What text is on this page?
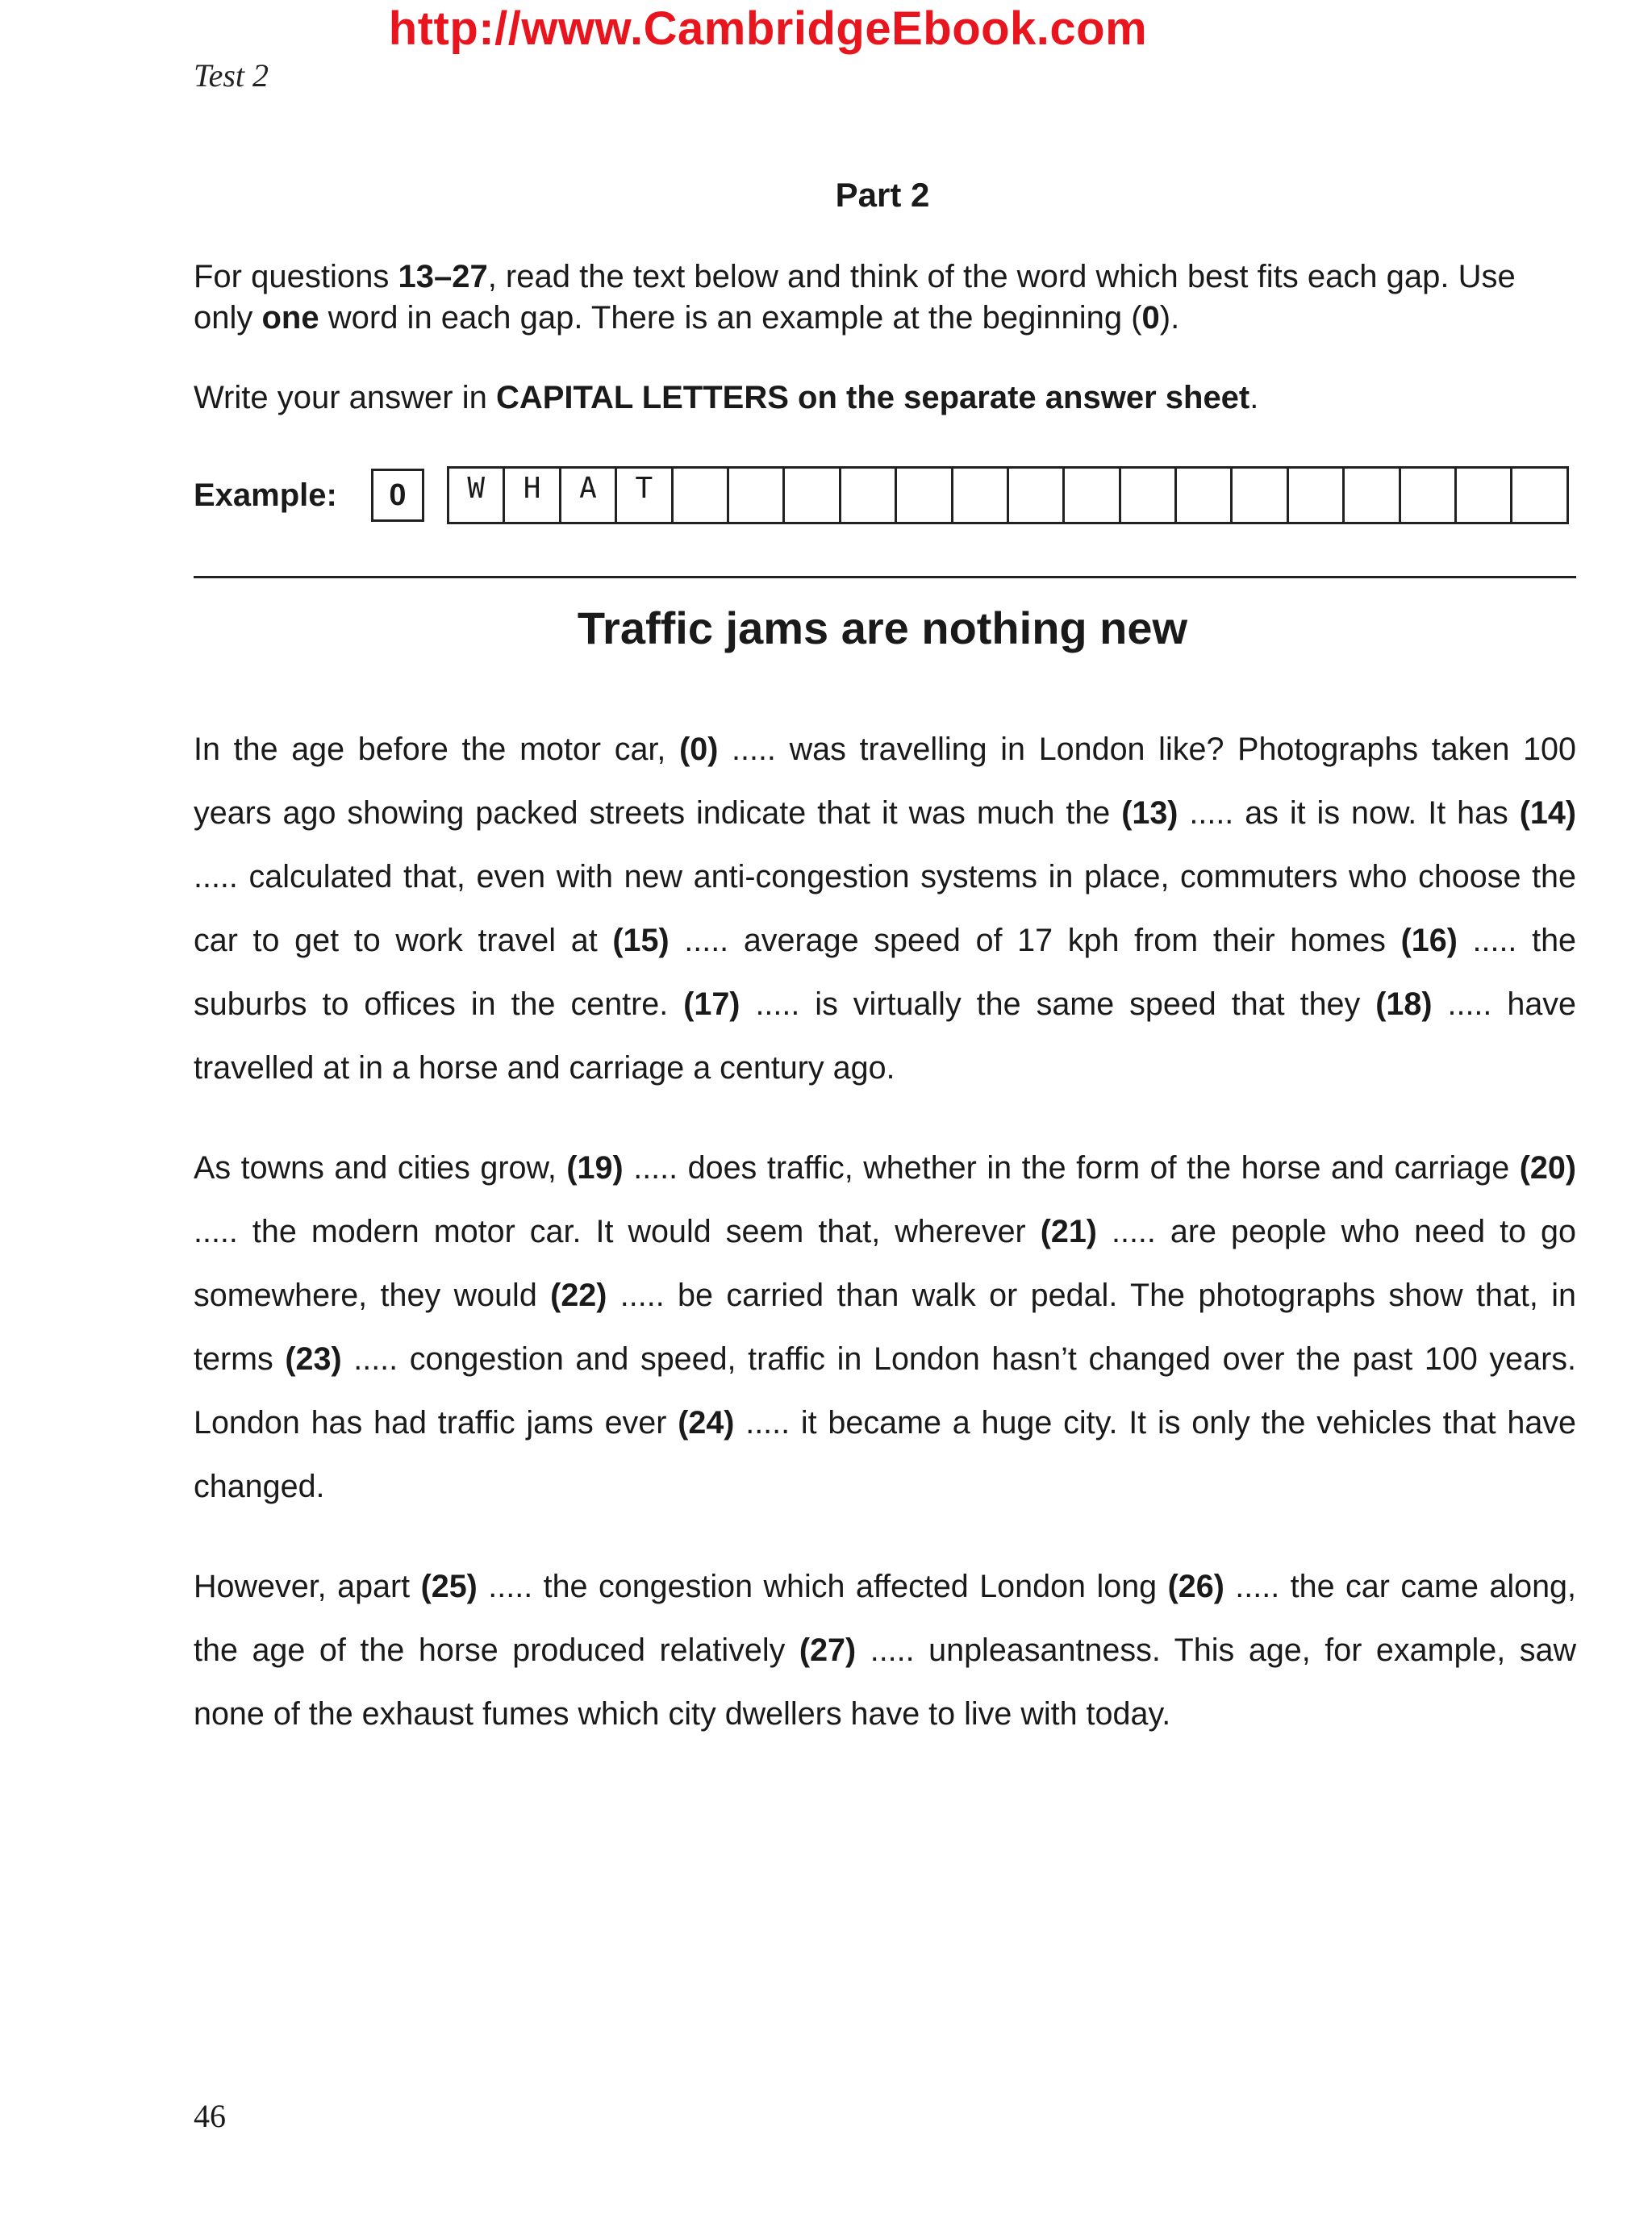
http://www.CambridgeEbook.com
Test 2
Part 2

For questions 13–27, read the text below and think of the word which best fits each gap. Use only one word in each gap. There is an example at the beginning (0).

Write your answer in CAPITAL LETTERS on the separate answer sheet.

Example:	0	W	H	A	T
Traffic jams are nothing new

In the age before the motor car, (0) ..... was travelling in London like? Photographs taken 100 years ago showing packed streets indicate that it was much the (13) ..... as it is now. It has (14) ..... calculated that, even with new anti-congestion systems in place, commuters who choose the car to get to work travel at (15) ..... average speed of 17 kph from their homes (16) ..... the suburbs to offices in the centre. (17) ..... is virtually the same speed that they (18) ..... have travelled at in a horse and carriage a century ago.

As towns and cities grow, (19) ..... does traffic, whether in the form of the horse and carriage (20) ..... the modern motor car. It would seem that, wherever (21) ..... are people who need to go somewhere, they would (22) ..... be carried than walk or pedal. The photographs show that, in terms (23) ..... congestion and speed, traffic in London hasn’t changed over the past 100 years. London has had traffic jams ever (24) ..... it became a huge city. It is only the vehicles that have changed.

However, apart (25) ..... the congestion which affected London long (26) ..... the car came along, the age of the horse produced relatively (27) ..... unpleasantness. This age, for example, saw none of the exhaust fumes which city dwellers have to live with today.

46
